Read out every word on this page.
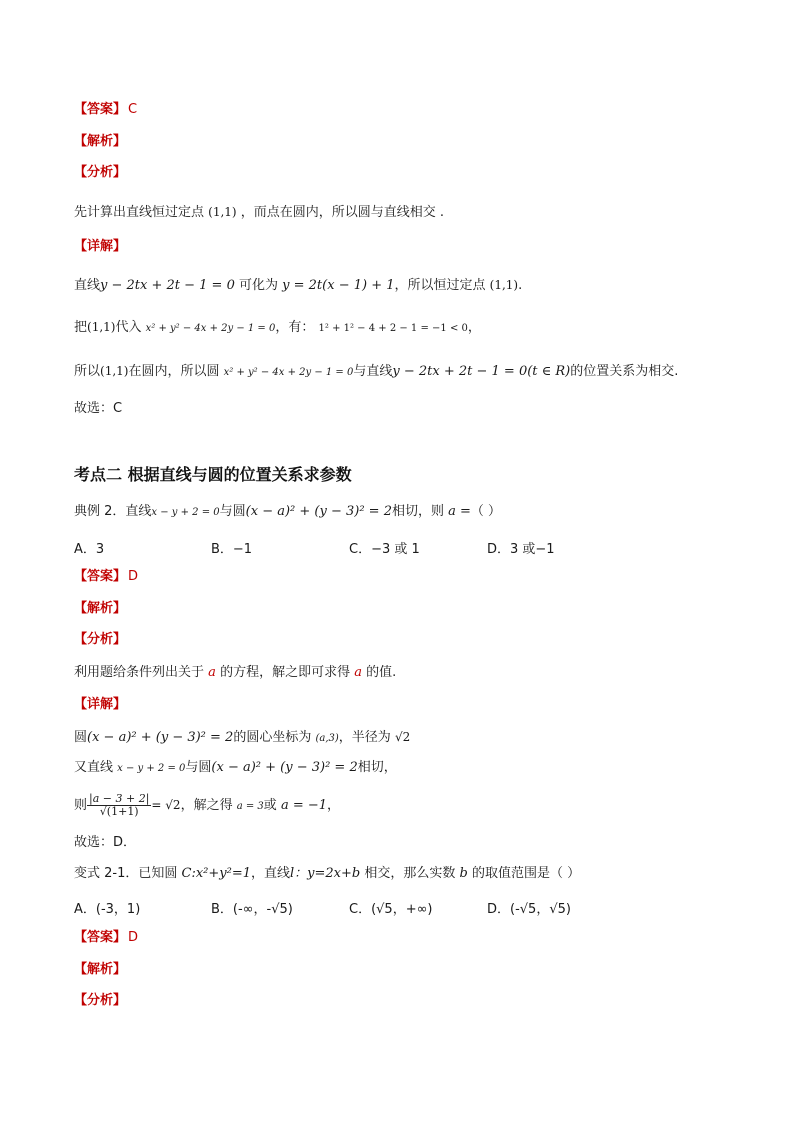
【答案】 C
【解析】
【分析】
先计算出直线恒过定点 (1,1) ，而点在圆内，所以圆与直线相交 .
【详解】
直线y − 2tx + 2t − 1 = 0 可化为 y = 2t(x − 1) + 1，所以恒过定点 (1,1).
把(1,1)代入 x² + y² − 4x + 2y − 1 = 0，有： 1² + 1² − 4 + 2 − 1 = −1 < 0，
所以(1,1)在圆内，所以圆 x² + y² − 4x + 2y − 1 = 0与直线y − 2tx + 2t − 1 = 0(t ∈ R)的位置关系为相交.
故选：C
考点二 根据直线与圆的位置关系求参数
典例 2．直线x − y + 2 = 0与圆(x − a)² + (y − 3)² = 2相切，则 a =（ ）
A．3	B．−1	C．−3 或 1	D．3 或−1
【答案】 D
【解析】
【分析】
利用题给条件列出关于 a 的方程，解之即可求得 a 的值.
【详解】
圆(x − a)² + (y − 3)² = 2的圆心坐标为 (a,3)，半径为 √2
又直线 x − y + 2 = 0与圆(x − a)² + (y − 3)² = 2相切，
则 $\frac{|a - 3 + 2|}{√(1+1)} = √2$，解之得 a = 3或 a = −1，
故选：D．
变式 2-1．已知圆 C:x²+y²=1，直线l：y=2x+b 相交，那么实数 b 的取值范围是（ ）
A．(-3，1)	B．(-∞，-√5)	C．(√5，+∞)	D．(-√5，√5)
【答案】 D
【解析】
【分析】
